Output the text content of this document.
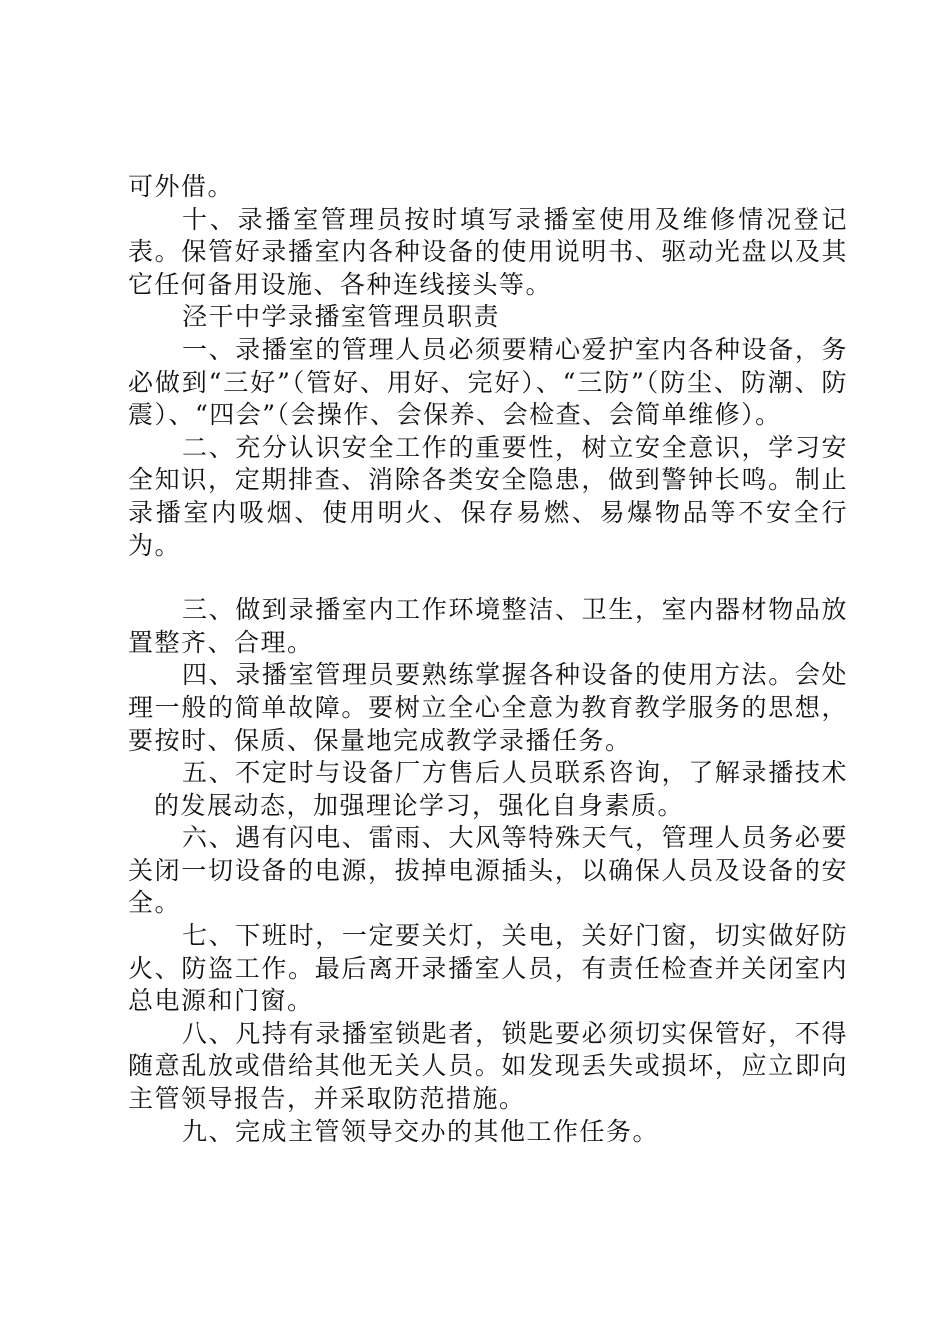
可外借。

十、录播室管理员按时填写录播室使用及维修情况登记表。保管好录播室内各种设备的使用说明书、驱动光盘以及其它任何备用设施、各种连线接头等。

泾干中学录播室管理员职责

一、录播室的管理人员必须要精心爱护室内各种设备，务必做到“三好”（管好、用好、完好）、“三防”（防尘、防潮、防震）、“四会”（会操作、会保养、会检查、会简单维修）。

二、充分认识安全工作的重要性，树立安全意识，学习安全知识，定期排查、消除各类安全隐患，做到警钟长鸣。制止录播室内吸烟、使用明火、保存易燃、易爆物品等不安全行为。

三、做到录播室内工作环境整洁、卫生，室内器材物品放置整齐、合理。

四、录播室管理员要熟练掌握各种设备的使用方法。会处理一般的简单故障。要树立全心全意为教育教学服务的思想，要按时、保质、保量地完成教学录播任务。

五、不定时与设备厂方售后人员联系咨询，了解录播技术的发展动态，加强理论学习，强化自身素质。

六、遇有闪电、雷雨、大风等特殊天气，管理人员务必要关闭一切设备的电源，拔掉电源插头，以确保人员及设备的安全。

七、下班时，一定要关灯，关电，关好门窗，切实做好防火、防盗工作。最后离开录播室人员，有责任检查并关闭室内总电源和门窗。

八、凡持有录播室锁匙者，锁匙要必须切实保管好，不得随意乱放或借给其他无关人员。如发现丢失或损坏，应立即向主管领导报告，并采取防范措施。

九、完成主管领导交办的其他工作任务。
